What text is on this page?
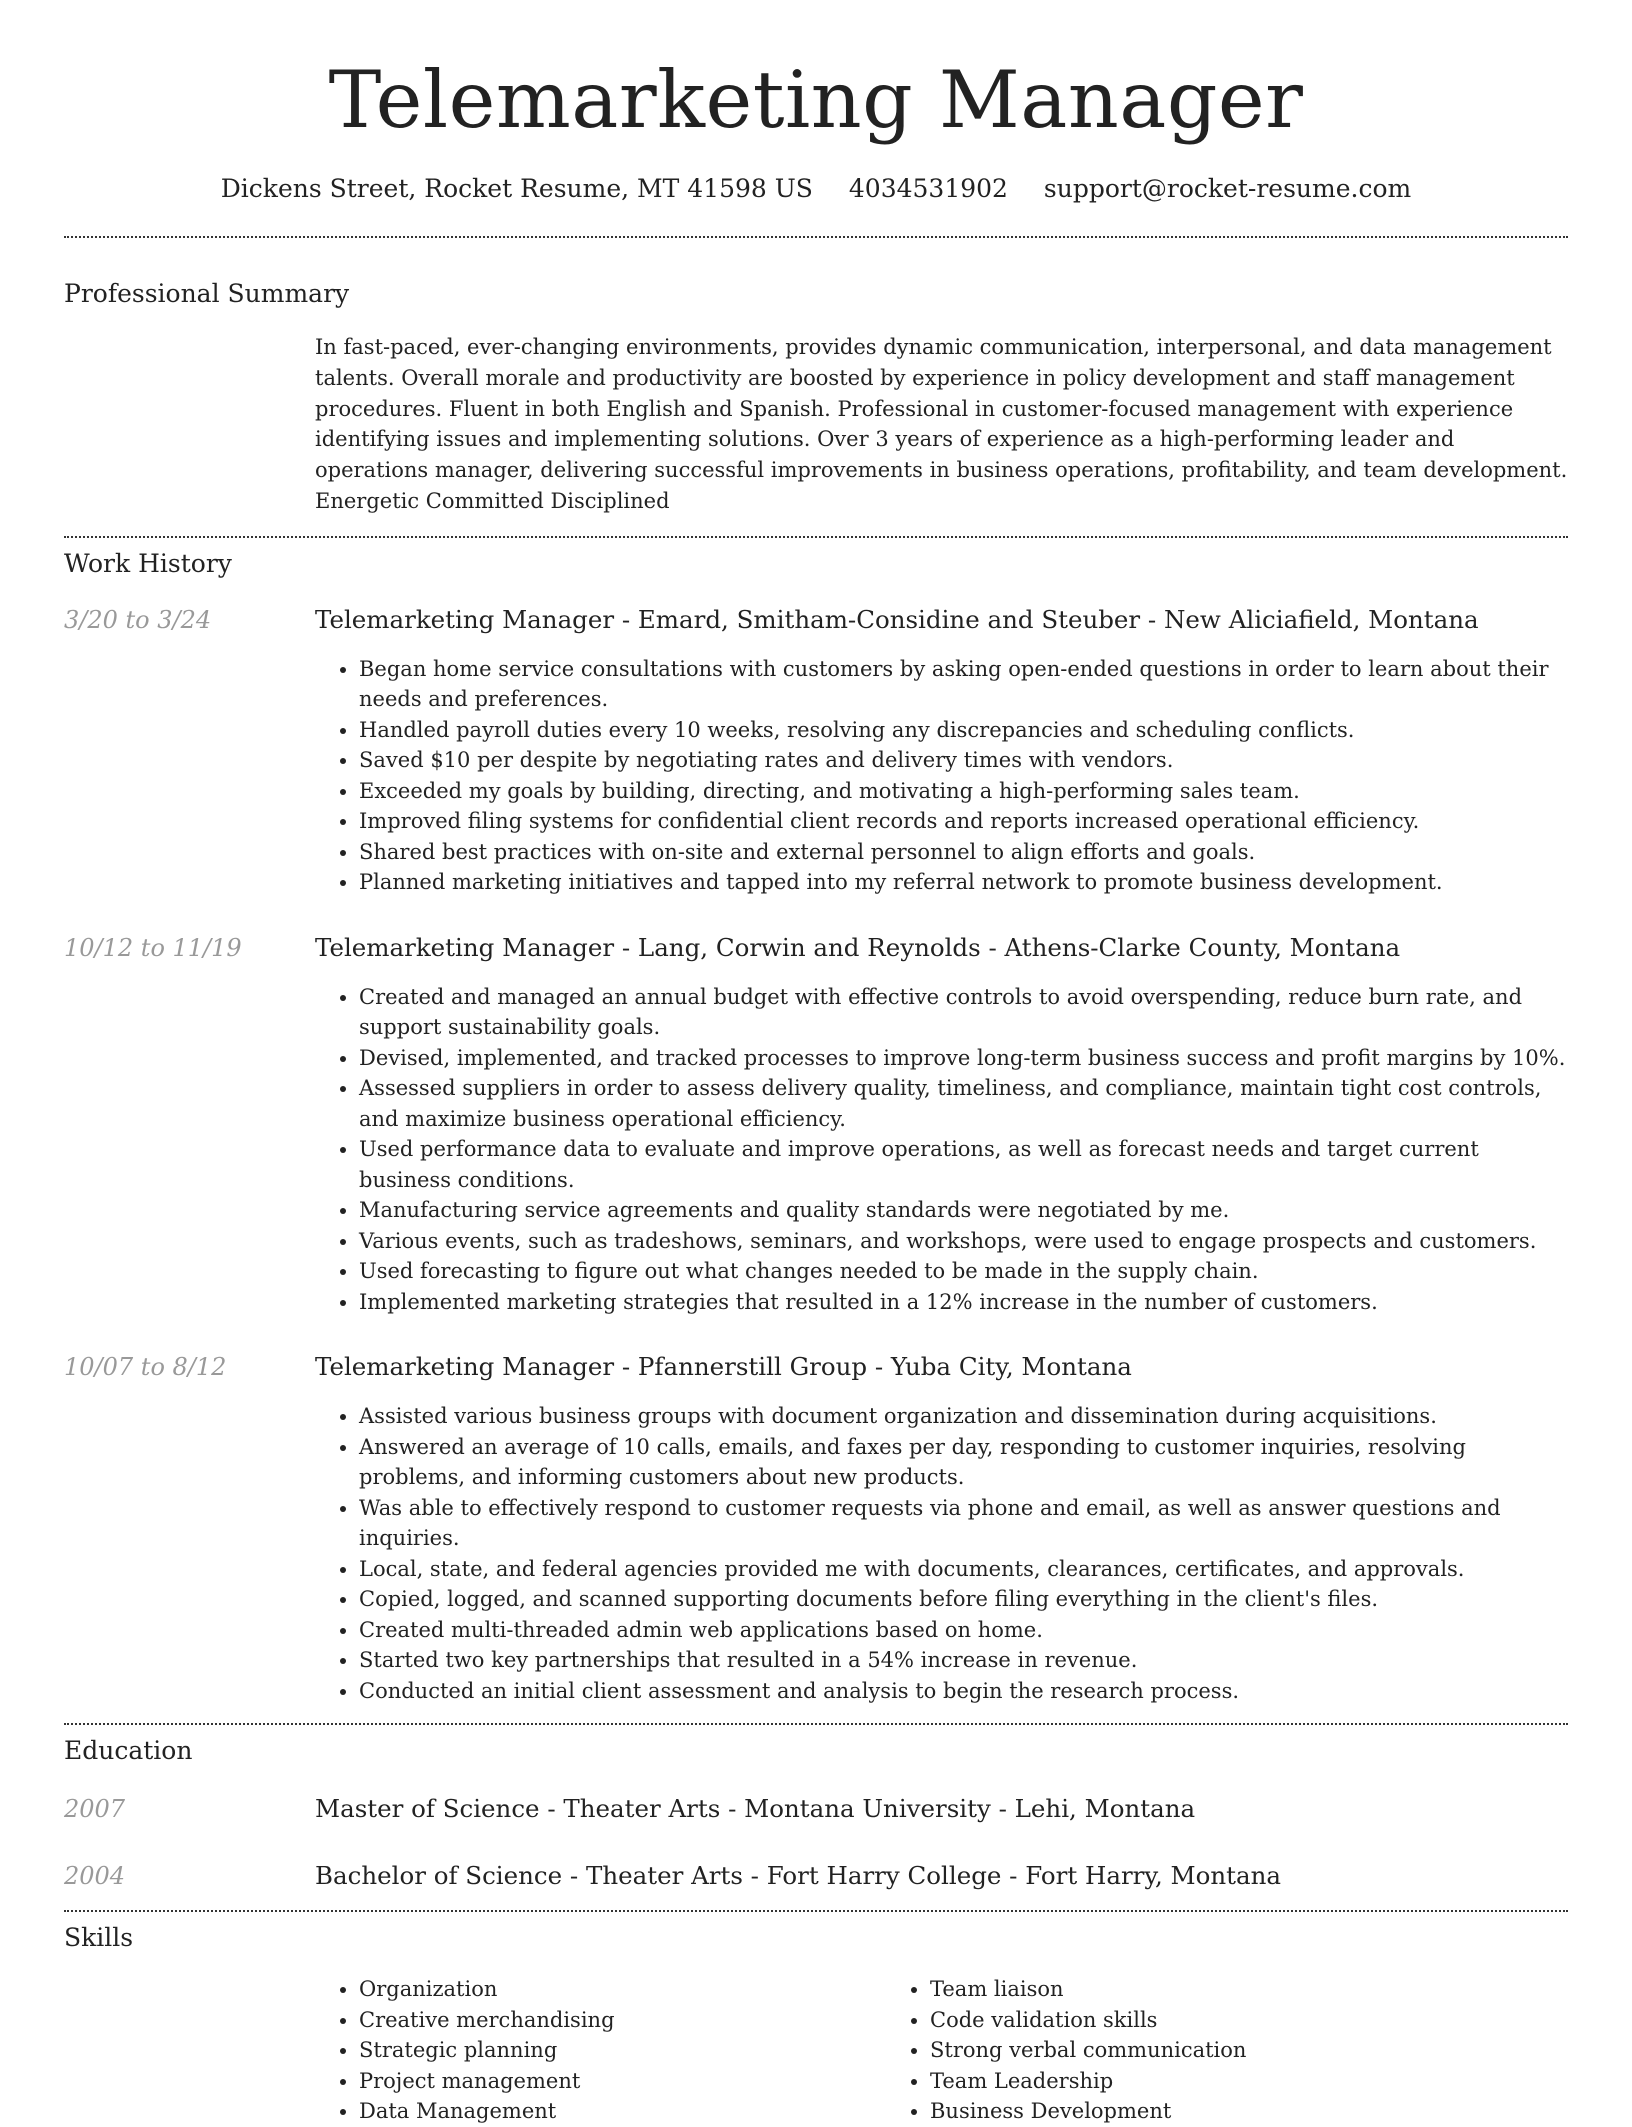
Telemarketing Manager
Dickens Street, Rocket Resume, MT 41598 US 4034531902 support@rocket-resume.com
Professional Summary
In fast-paced, ever-changing environments, provides dynamic communication, interpersonal, and data management talents. Overall morale and productivity are boosted by experience in policy development and staff management procedures. Fluent in both English and Spanish. Professional in customer-focused management with experience identifying issues and implementing solutions. Over 3 years of experience as a high-performing leader and operations manager, delivering successful improvements in business operations, profitability, and team development. Energetic Committed Disciplined
Work History
3/20 to 3/24	Telemarketing Manager - Emard, Smitham-Considine and Steuber - New Aliciafield, Montana
• Began home service consultations with customers by asking open-ended questions in order to learn about their needs and preferences.
• Handled payroll duties every 10 weeks, resolving any discrepancies and scheduling conflicts.
• Saved $10 per despite by negotiating rates and delivery times with vendors.
• Exceeded my goals by building, directing, and motivating a high-performing sales team.
• Improved filing systems for confidential client records and reports increased operational efficiency.
• Shared best practices with on-site and external personnel to align efforts and goals.
• Planned marketing initiatives and tapped into my referral network to promote business development.
10/12 to 11/19	Telemarketing Manager - Lang, Corwin and Reynolds - Athens-Clarke County, Montana
• Created and managed an annual budget with effective controls to avoid overspending, reduce burn rate, and support sustainability goals.
• Devised, implemented, and tracked processes to improve long-term business success and profit margins by 10%.
• Assessed suppliers in order to assess delivery quality, timeliness, and compliance, maintain tight cost controls, and maximize business operational efficiency.
• Used performance data to evaluate and improve operations, as well as forecast needs and target current business conditions.
• Manufacturing service agreements and quality standards were negotiated by me.
• Various events, such as tradeshows, seminars, and workshops, were used to engage prospects and customers.
• Used forecasting to figure out what changes needed to be made in the supply chain.
• Implemented marketing strategies that resulted in a 12% increase in the number of customers.
10/07 to 8/12	Telemarketing Manager - Pfannerstill Group - Yuba City, Montana
• Assisted various business groups with document organization and dissemination during acquisitions.
• Answered an average of 10 calls, emails, and faxes per day, responding to customer inquiries, resolving problems, and informing customers about new products.
• Was able to effectively respond to customer requests via phone and email, as well as answer questions and inquiries.
• Local, state, and federal agencies provided me with documents, clearances, certificates, and approvals.
• Copied, logged, and scanned supporting documents before filing everything in the client's files.
• Created multi-threaded admin web applications based on home.
• Started two key partnerships that resulted in a 54% increase in revenue.
• Conducted an initial client assessment and analysis to begin the research process.
Education
2007	Master of Science - Theater Arts - Montana University - Lehi, Montana
2004	Bachelor of Science - Theater Arts - Fort Harry College - Fort Harry, Montana
Skills
• Organization
• Creative merchandising
• Strategic planning
• Project management
• Data Management
• Team liaison
• Code validation skills
• Strong verbal communication
• Team Leadership
• Business Development
